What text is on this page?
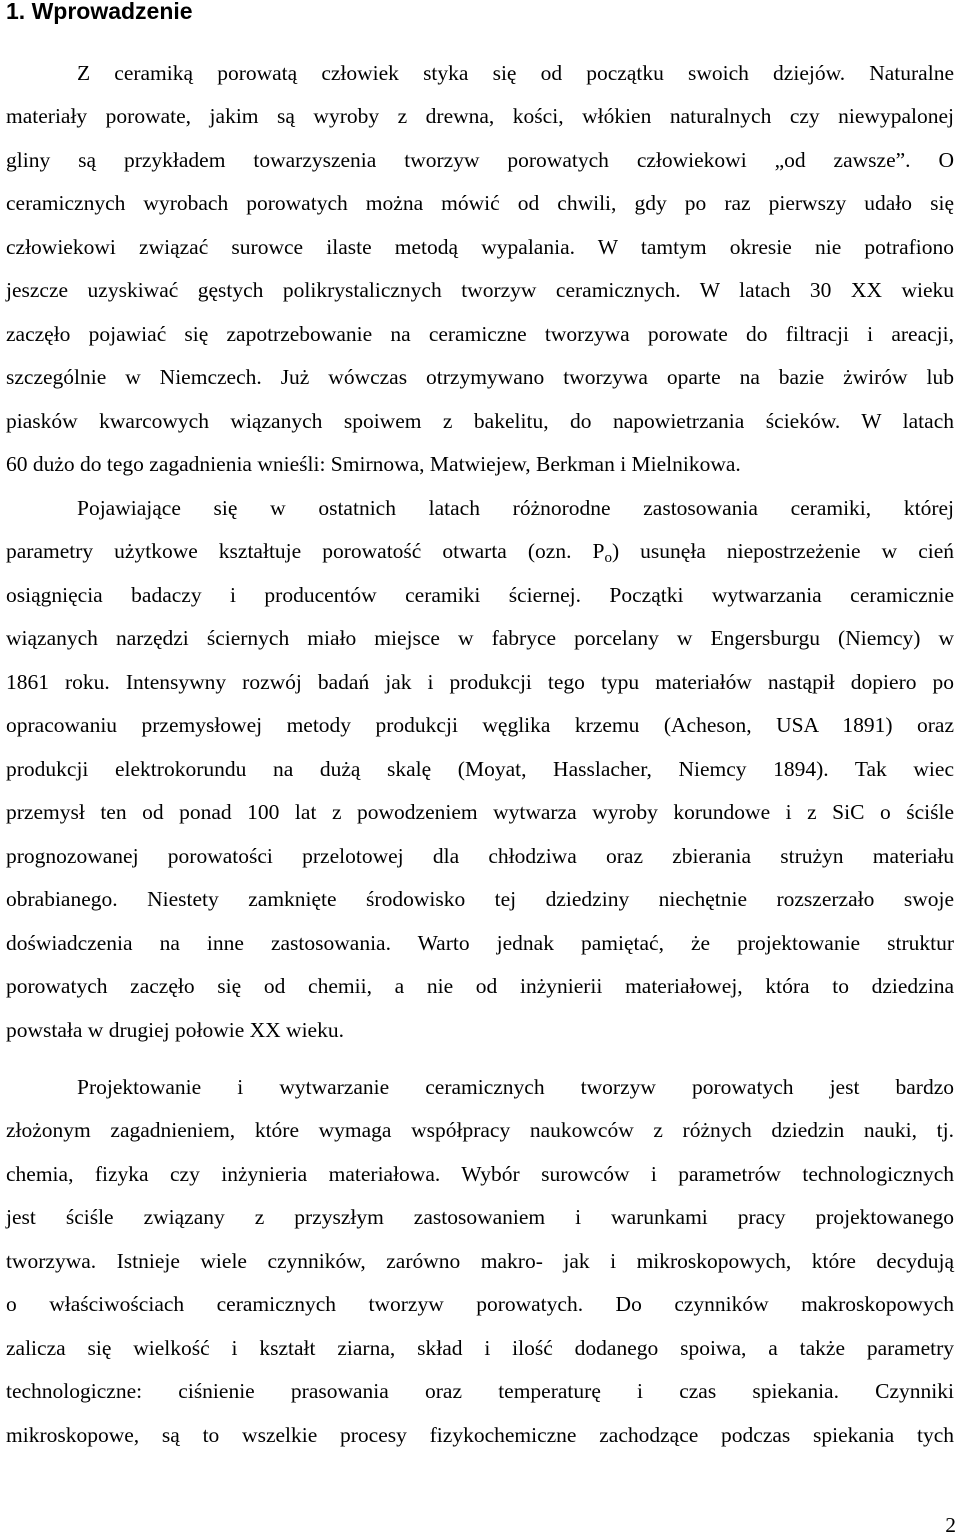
1. Wprowadzenie
Z ceramiką porowatą człowiek styka się od początku swoich dziejów. Naturalne
materiały porowate, jakim są wyroby z drewna, kości, włókien naturalnych czy niewypalonej
gliny są przykładem towarzyszenia tworzyw porowatych człowiekowi „od zawsze”. O
ceramicznych wyrobach porowatych można mówić od chwili, gdy po raz pierwszy udało się
człowiekowi związać surowce ilaste metodą wypalania. W tamtym okresie nie potrafiono
jeszcze uzyskiwać gęstych polikrystalicznych tworzyw ceramicznych. W latach 30 XX wieku
zaczęło pojawiać się zapotrzebowanie na ceramiczne tworzywa porowate do filtracji i areacji,
szczególnie w Niemczech. Już wówczas otrzymywano tworzywa oparte na bazie żwirów lub
piasków kwarcowych wiązanych spoiwem z bakelitu, do napowietrzania ścieków. W latach
60 dużo do tego zagadnienia wnieśli: Smirnowa, Matwiejew, Berkman i Mielnikowa.
Pojawiające się w ostatnich latach różnorodne zastosowania ceramiki, której
parametry użytkowe kształtuje porowatość otwarta (ozn. $P_o$) usunęła niepostrzeżenie w cień
osiągnięcia badaczy i producentów ceramiki ściernej. Początki wytwarzania ceramicznie
wiązanych narzędzi ściernych miało miejsce w fabryce porcelany w Engersburgu (Niemcy) w
1861 roku. Intensywny rozwój badań jak i produkcji tego typu materiałów nastąpił dopiero po
opracowaniu przemysłowej metody produkcji węglika krzemu (Acheson, USA 1891) oraz
produkcji elektrokorundu na dużą skalę (Moyat, Hasslacher, Niemcy 1894). Tak wiec
przemysł ten od ponad 100 lat z powodzeniem wytwarza wyroby korundowe i z SiC o ściśle
prognozowanej porowatości przelotowej dla chłodziwa oraz zbierania strużyn materiału
obrabianego. Niestety zamknięte środowisko tej dziedziny niechętnie rozszerzało swoje
doświadczenia na inne zastosowania. Warto jednak pamiętać, że projektowanie struktur
porowatych zaczęło się od chemii, a nie od inżynierii materiałowej, która to dziedzina
powstała w drugiej połowie XX wieku.
Projektowanie i wytwarzanie ceramicznych tworzyw porowatych jest bardzo
złożonym zagadnieniem, które wymaga współpracy naukowców z różnych dziedzin nauki, tj.
chemia, fizyka czy inżynieria materiałowa. Wybór surowców i parametrów technologicznych
jest ściśle związany z przyszłym zastosowaniem i warunkami pracy projektowanego
tworzywa. Istnieje wiele czynników, zarówno makro- jak i mikroskopowych, które decydują
o właściwościach ceramicznych tworzyw porowatych. Do czynników makroskopowych
zalicza się wielkość i kształt ziarna, skład i ilość dodanego spoiwa, a także parametry
technologiczne: ciśnienie prasowania oraz temperaturę i czas spiekania. Czynniki
mikroskopowe, są to wszelkie procesy fizykochemiczne zachodzące podczas spiekania tych
2
